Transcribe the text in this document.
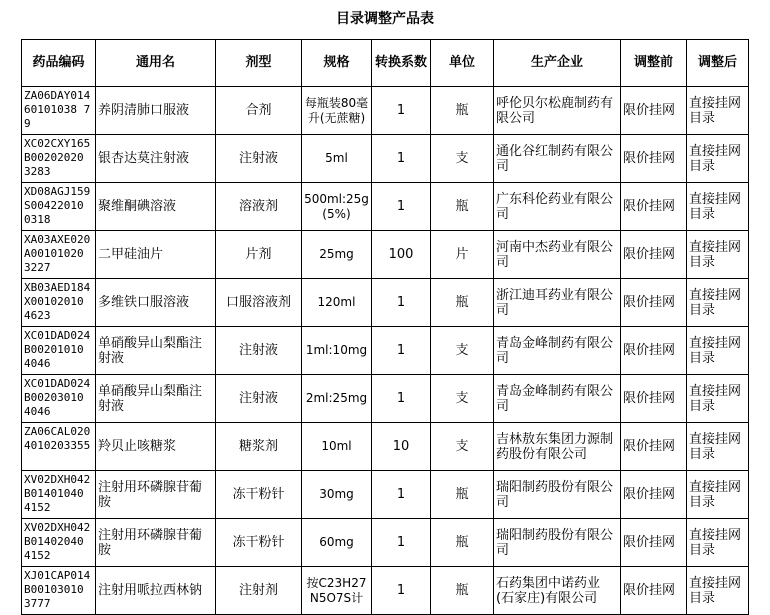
目录调整产品表
药品编码	通用名	剂型	规格	转换系数	单位	生产企业	调整前	调整后

ZA06DAY01460101038 79	养阴清肺口服液	合剂	每瓶装80毫升(无蔗糖)	1	瓶	呼伦贝尔松鹿制药有限公司	限价挂网	直接挂网目录

XC02CXY165B00202020 3283	银杏达莫注射液	注射液	5ml	1	支	通化谷红制药有限公司	限价挂网	直接挂网目录

XD08AGJ159S00422010 0318	聚维酮碘溶液	溶液剂	500ml:25g(5%)	1	瓶	广东科伦药业有限公司	限价挂网	直接挂网目录

XA03AXE020A00101020 3227	二甲硅油片	片剂	25mg	100	片	河南中杰药业有限公司	限价挂网	直接挂网目录

XB03AED184X00102010 4623	多维铁口服溶液	口服溶液剂	120ml	1	瓶	浙江迪耳药业有限公司	限价挂网	直接挂网目录

XC01DAD024B00201010 4046	单硝酸异山梨酯注射液	注射液	1ml:10mg	1	支	青岛金峰制药有限公司	限价挂网	直接挂网目录

XC01DAD024B00203010 4046	单硝酸异山梨酯注射液	注射液	2ml:25mg	1	支	青岛金峰制药有限公司	限价挂网	直接挂网目录

ZA06CAL0204010203355	羚贝止咳糖浆	糖浆剂	10ml	10	支	吉林敖东集团力源制药股份有限公司	限价挂网	直接挂网目录

XV02DXH042B01401040 4152	注射用环磷腺苷葡胺	冻干粉针	30mg	1	瓶	瑞阳制药股份有限公司	限价挂网	直接挂网目录

XV02DXH042B01402040 4152	注射用环磷腺苷葡胺	冻干粉针	60mg	1	瓶	瑞阳制药股份有限公司	限价挂网	直接挂网目录

XJ01CAP014B00103010 3777	注射用哌拉西林钠	注射剂	按C23H27N5O7S计	1	瓶	石药集团中诺药业(石家庄)有限公司	限价挂网	直接挂网目录
